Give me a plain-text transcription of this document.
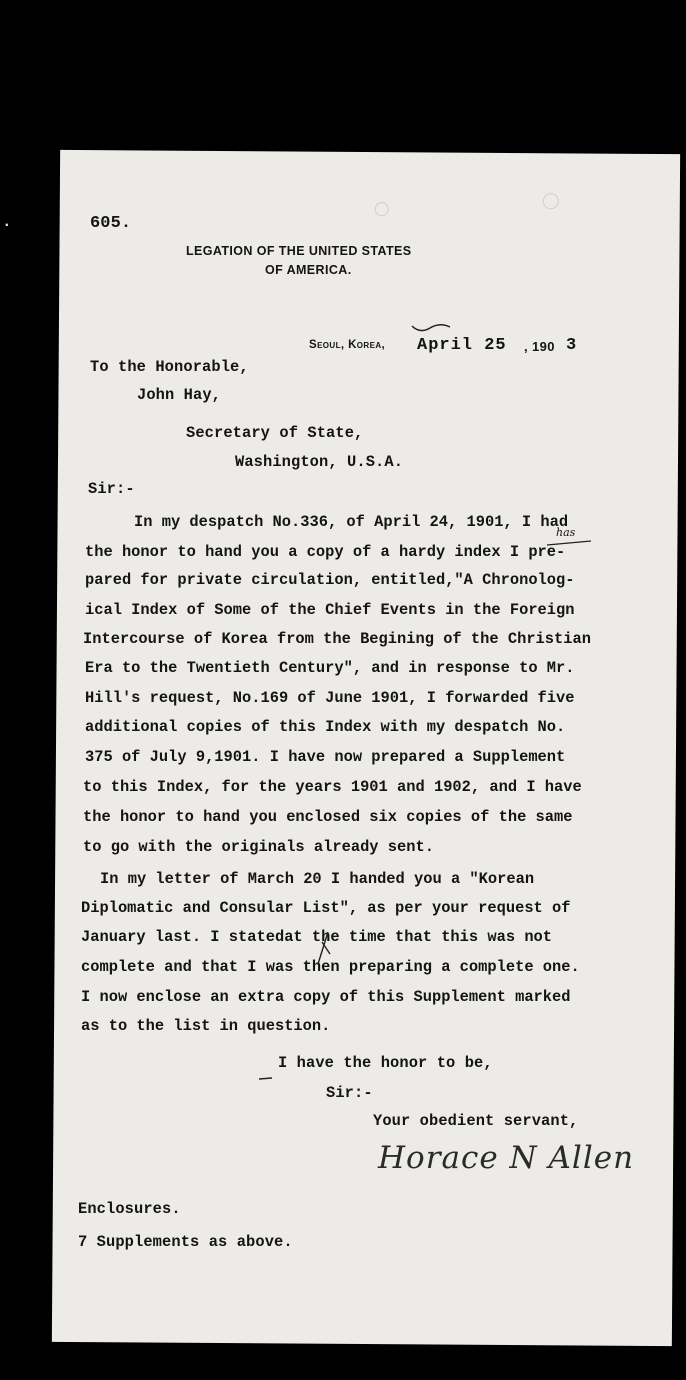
.	605.
LEGATION OF THE UNITED STATES
OF AMERICA.
Seoul, Korea, April 25 , 190 3
To the Honorable,
John Hay,
Secretary of State,
Washington, U.S.A.
Sir:-
In my despatch No.336, of April 24, 1901, I had
the honor to hand you a copy of a hardy index I pre-
pared for private circulation, entitled,"A Chronolog-
ical Index of Some of the Chief Events in the Foreign
Intercourse of Korea from the Begining of the Christian
Era to the Twentieth Century", and in response to Mr.
Hill's request, No.169 of June 1901, I forwarded five
additional copies of this Index with my despatch No.
375 of July 9,1901. I have now prepared a Supplement
to this Index, for the years 1901 and 1902, and I have
the honor to hand you enclosed six copies of the same
to go with the originals already sent.
In my letter of March 20 I handed you a "Korean
Diplomatic and Consular List", as per your request of
January last. I statedat the time that this was not
complete and that I was then preparing a complete one.
I now enclose an extra copy of this Supplement marked
as to the list in question.
has
I have the honor to be,
Sir:-
Your obedient servant,
Horace N Allen
Enclosures.
7 Supplements as above.
